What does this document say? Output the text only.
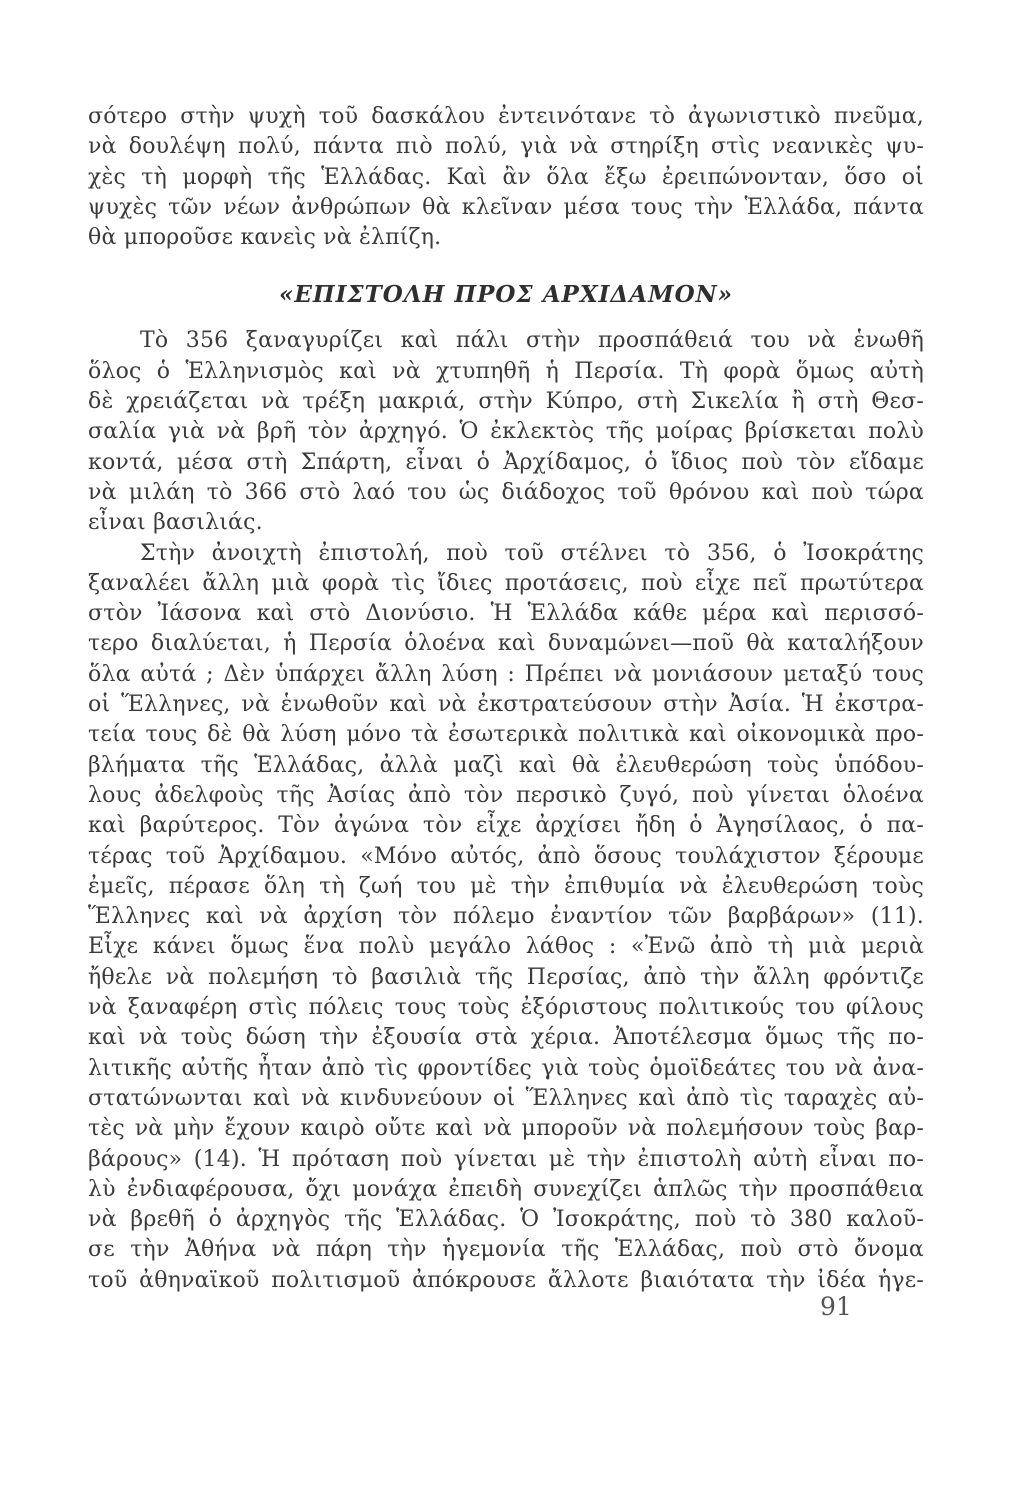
σότερο στὴν ψυχὴ τοῦ δασκάλου ἐντεινότανε τὸ ἀγωνιστικὸ πνεῦμα,
νὰ δουλέψη πολύ, πάντα πιὸ πολύ, γιὰ νὰ στηρίξη στὶς νεανικὲς ψυ-
χὲς τὴ μορφὴ τῆς Ἑλλάδας. Καὶ ἂν ὅλα ἔξω ἐρειπώνονταν, ὅσο οἱ
ψυχὲς τῶν νέων ἀνθρώπων θὰ κλεῖναν μέσα τους τὴν Ἑλλάδα, πάντα
θὰ μποροῦσε κανεὶς νὰ ἐλπίζη.
«ΕΠΙΣΤΟΛΗ ΠΡΟΣ ΑΡΧΙΔΑΜΟΝ»
Τὸ 356 ξαναγυρίζει καὶ πάλι στὴν προσπάθειά του νὰ ἑνωθῆ
ὅλος ὁ Ἑλληνισμὸς καὶ νὰ χτυπηθῆ ἡ Περσία. Τὴ φορὰ ὅμως αὐτὴ
δὲ χρειάζεται νὰ τρέξη μακριά, στὴν Κύπρο, στὴ Σικελία ἢ στὴ Θεσ-
σαλία γιὰ νὰ βρῆ τὸν ἀρχηγό. Ὁ ἐκλεκτὸς τῆς μοίρας βρίσκεται πολὺ
κοντά, μέσα στὴ Σπάρτη, εἶναι ὁ Ἀρχίδαμος, ὁ ἴδιος ποὺ τὸν εἴδαμε
νὰ μιλάη τὸ 366 στὸ λαό του ὡς διάδοχος τοῦ θρόνου καὶ ποὺ τώρα
εἶναι βασιλιάς.
Στὴν ἀνοιχτὴ ἐπιστολή, ποὺ τοῦ στέλνει τὸ 356, ὁ Ἰσοκράτης
ξαναλέει ἄλλη μιὰ φορὰ τὶς ἴδιες προτάσεις, ποὺ εἶχε πεῖ πρωτύτερα
στὸν Ἰάσονα καὶ στὸ Διονύσιο. Ἡ Ἑλλάδα κάθε μέρα καὶ περισσό-
τερο διαλύεται, ἡ Περσία ὁλοένα καὶ δυναμώνει—ποῦ θὰ καταλήξουν
ὅλα αὐτά ; Δὲν ὑπάρχει ἄλλη λύση : Πρέπει νὰ μονιάσουν μεταξύ τους
οἱ Ἕλληνες, νὰ ἑνωθοῦν καὶ νὰ ἐκστρατεύσουν στὴν Ἀσία. Ἡ ἐκστρα-
τεία τους δὲ θὰ λύση μόνο τὰ ἐσωτερικὰ πολιτικὰ καὶ οἰκονομικὰ προ-
βλήματα τῆς Ἑλλάδας, ἀλλὰ μαζὶ καὶ θὰ ἐλευθερώση τοὺς ὑπόδου-
λους ἀδελφοὺς τῆς Ἀσίας ἀπὸ τὸν περσικὸ ζυγό, ποὺ γίνεται ὁλοένα
καὶ βαρύτερος. Τὸν ἀγώνα τὸν εἶχε ἀρχίσει ἤδη ὁ Ἀγησίλαος, ὁ πα-
τέρας τοῦ Ἀρχίδαμου. «Μόνο αὐτός, ἀπὸ ὅσους τουλάχιστον ξέρουμε
ἐμεῖς, πέρασε ὅλη τὴ ζωή του μὲ τὴν ἐπιθυμία νὰ ἐλευθερώση τοὺς
Ἕλληνες καὶ νὰ ἀρχίση τὸν πόλεμο ἐναντίον τῶν βαρβάρων» (11).
Εἶχε κάνει ὅμως ἕνα πολὺ μεγάλο λάθος : «Ἐνῶ ἀπὸ τὴ μιὰ μεριὰ
ἤθελε νὰ πολεμήση τὸ βασιλιὰ τῆς Περσίας, ἀπὸ τὴν ἄλλη φρόντιζε
νὰ ξαναφέρη στὶς πόλεις τους τοὺς ἐξόριστους πολιτικούς του φίλους
καὶ νὰ τοὺς δώση τὴν ἐξουσία στὰ χέρια. Ἀποτέλεσμα ὅμως τῆς πο-
λιτικῆς αὐτῆς ἦταν ἀπὸ τὶς φροντίδες γιὰ τοὺς ὁμοϊδεάτες του νὰ ἀνα-
στατώνωνται καὶ νὰ κινδυνεύουν οἱ Ἕλληνες καὶ ἀπὸ τὶς ταραχὲς αὐ-
τὲς νὰ μὴν ἔχουν καιρὸ οὔτε καὶ νὰ μποροῦν νὰ πολεμήσουν τοὺς βαρ-
βάρους» (14). Ἡ πρόταση ποὺ γίνεται μὲ τὴν ἐπιστολὴ αὐτὴ εἶναι πο-
λὺ ἐνδιαφέρουσα, ὄχι μονάχα ἐπειδὴ συνεχίζει ἁπλῶς τὴν προσπάθεια
νὰ βρεθῆ ὁ ἀρχηγὸς τῆς Ἑλλάδας. Ὁ Ἰσοκράτης, ποὺ τὸ 380 καλοῦ-
σε τὴν Ἀθήνα νὰ πάρη τὴν ἡγεμονία τῆς Ἑλλάδας, ποὺ στὸ ὄνομα
τοῦ ἀθηναϊκοῦ πολιτισμοῦ ἀπόκρουσε ἄλλοτε βιαιότατα τὴν ἰδέα ἡγε-
91
